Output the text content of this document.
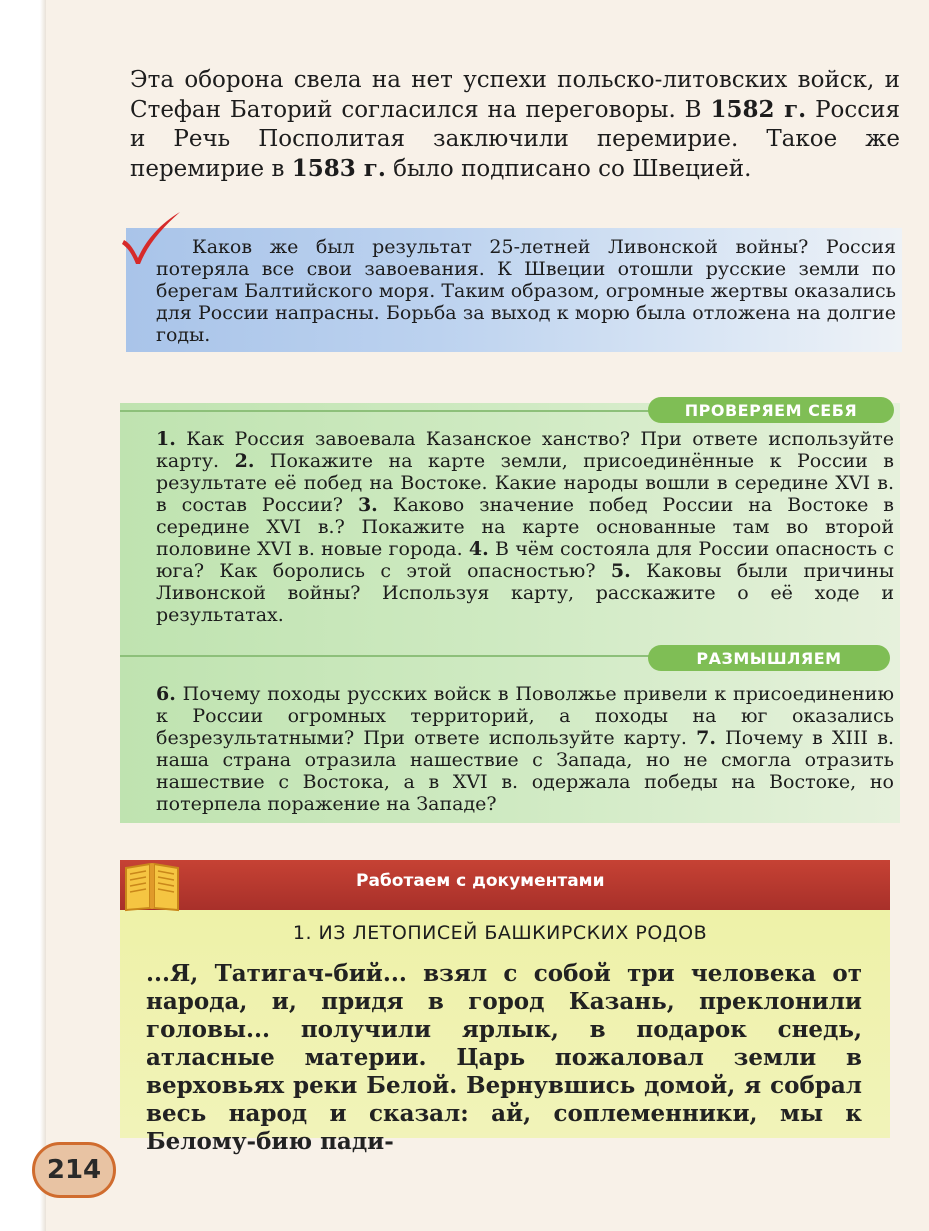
Эта оборона свела на нет успехи польско-литовских войск, и Стефан Баторий согласился на переговоры. В 1582 г. Россия и Речь Посполитая заключили перемирие. Такое же перемирие в 1583 г. было подписано со Швецией.

Каков же был результат 25-летней Ливонской войны? Россия потеряла все свои завоевания. К Швеции отошли русские земли по берегам Балтийского моря. Таким образом, огромные жертвы оказались для России напрасны. Борьба за выход к морю была отложена на долгие годы.

ПРОВЕРЯЕМ СЕБЯ

1. Как Россия завоевала Казанское ханство? При ответе используйте карту. 2. Покажите на карте земли, присоединённые к России в результате её побед на Востоке. Какие народы вошли в середине XVI в. в состав России? 3. Каково значение побед России на Востоке в середине XVI в.? Покажите на карте основанные там во второй половине XVI в. новые города. 4. В чём состояла для России опасность с юга? Как боролись с этой опасностью? 5. Каковы были причины Ливонской войны? Используя карту, расскажите о её ходе и результатах.

РАЗМЫШЛЯЕМ

6. Почему походы русских войск в Поволжье привели к присоединению к России огромных территорий, а походы на юг оказались безрезультатными? При ответе используйте карту. 7. Почему в XIII в. наша страна отразила нашествие с Запада, но не смогла отразить нашествие с Востока, а в XVI в. одержала победы на Востоке, но потерпела поражение на Западе?

Работаем с документами
1. ИЗ ЛЕТОПИСЕЙ БАШКИРСКИХ РОДОВ

...Я, Татигач-бий... взял с собой три человека от народа, и, придя в город Казань, преклонили головы... получили ярлык, в подарок снедь, атласные материи. Царь пожаловал земли в верховьях реки Белой. Вернувшись домой, я собрал весь народ и сказал: ай, соплеменники, мы к Белому-бию пади-

214
